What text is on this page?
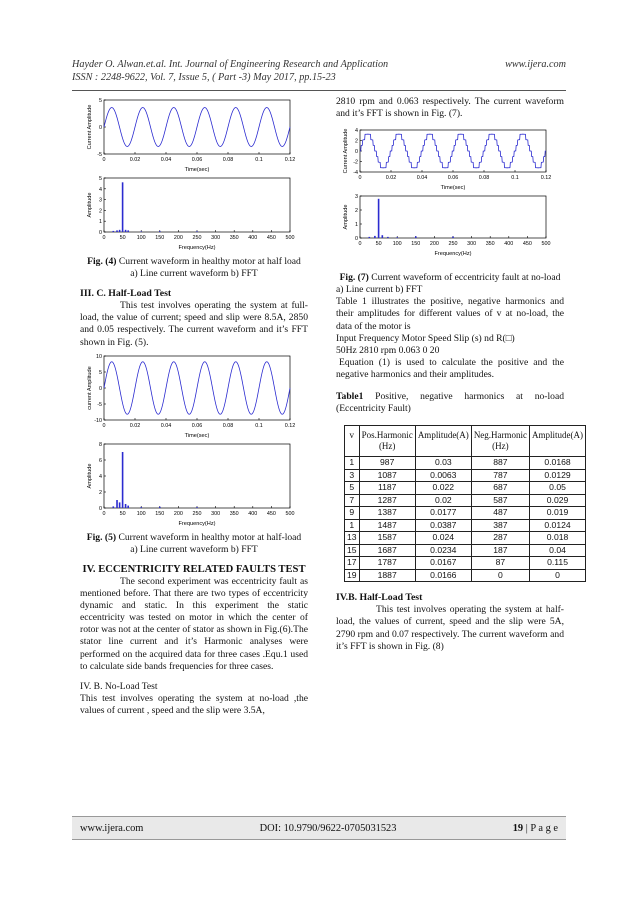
Hayder O. Alwan.et.al. Int. Journal of Engineering Research and Application	www.ijera.com
ISSN : 2248-9622, Vol. 7, Issue 5, ( Part -3) May 2017, pp.15-23
0	0.02	0.04	0.06	0.08	0.1	0.12
5
0
-5
Time(sec)
Current Amplitude
0	50 100 150 200 250 300 350 400 450 500
5
4
3
2
1
0
Frequency(Hz)
Amplitude

Fig. (4) Current waveform in healthy motor at half load

a) Line current waveform b) FFT

III. C. Half-Load Test

This test involves operating the system at full-load, the value of current; speed and slip were 8.5A, 2850 and 0.05 respectively. The current waveform and it’s FFT shown in Fig. (5).

0	0.02	0.04	0.06	0.08	0.1	0.12
10
5
0
-5
-10
Time(sec)
current Amplitude
0	50 100 150 200 250 300 350 400 450 500
8
6
4
2
0
Frequency(Hz)
Amplitude

Fig. (5) Current waveform in healthy motor at half-load

a) Line current waveform b) FFT

IV. ECCENTRICITY RELATED FAULTS TEST

The second experiment was eccentricity fault as mentioned before. That there are two types of eccentricity dynamic and static. In this experiment the static eccentricity was tested on motor in which the center of rotor was not at the center of stator as shown in Fig.(6).The stator line current and it’s Harmonic analyses were performed on the acquired data for three cases .Equ.1 used to calculate side bands frequencies for three cases.

IV. B. No-Load Test

This test involves operating the system at no-load ,the values of current , speed and the slip were 3.5A,

2810 rpm and 0.063 respectively. The current waveform and it’s FFT is shown in Fig. (7).

0	0.02	0.04	0.06	0.08	0.1	0.12
4
2
0
-2
-4
Time(sec)
Current Amplitude
0	50 100 150 200 250 300 350 400 450 500
3
2
1
0
Frequency(Hz)
Amplitude

Fig. (7) Current waveform of eccentricity fault at no-load

a) Line current b) FFT

Table 1 illustrates the positive, negative harmonics and their amplitudes for different values of v at no-load, the data of the motor is

Input Frequency Motor Speed Slip (s) nd R(□)

50Hz 2810 rpm 0.063 0 20

Equation (1) is used to calculate the positive and the negative harmonics and their amplitudes.

Table1 Positive, negative harmonics at no-load (Eccentricity Fault)

v	Pos.Harmonic (Hz)	Amplitude(A)	Neg.Harmonic (Hz)	Amplitude(A)
1	987	0.03	887	0.0168
3	1087	0.0063	787	0.0129
5	1187	0.022	687	0.05
7	1287	0.02	587	0.029
9	1387	0.0177	487	0.019
1	1487	0.0387	387	0.0124
13	1587	0.024	287	0.018
15	1687	0.0234	187	0.04
17	1787	0.0167	87	0.115
19	1887	0.0166	0	0
IV.B. Half-Load Test

This test involves operating the system at half-load, the values of current, speed and the slip were 5A, 2790 rpm and 0.07 respectively. The current waveform and it’s FFT is shown in Fig. (8)

www.ijera.com	DOI: 10.9790/9622-0705031523	19 | P a g e
